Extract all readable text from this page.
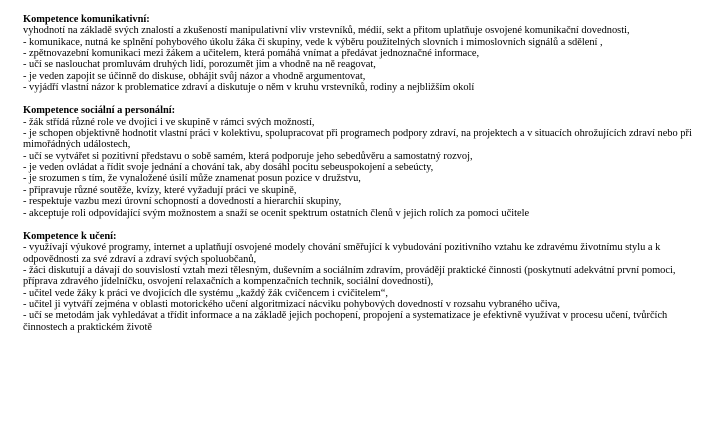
Kompetence komunikativní:

vyhodnotí na základě svých znalostí a zkušeností manipulativní vliv vrstevníků, médií, sekt a přitom uplatňuje osvojené komunikační dovednosti,

- komunikace, nutná ke splnění pohybového úkolu žáka či skupiny, vede k výběru použitelných slovních i mimoslovních signálů a sdělení ,

- zpětnovazební komunikaci mezi žákem a učitelem, která pomáhá vnímat a předávat jednoznačné informace,

- učí se naslouchat promluvám druhých lidí, porozumět jim a vhodně na ně reagovat,

- je veden zapojit se účinně do diskuse, obhájit svůj názor a vhodně argumentovat,

- vyjádří vlastní názor k problematice zdraví a diskutuje o něm v kruhu vrstevníků, rodiny a nejbližším okolí

Kompetence sociální a personální:

- žák střídá různé role ve dvojici i ve skupině v rámci svých možností,

- je schopen objektivně hodnotit vlastní práci v kolektivu, spolupracovat při programech podpory zdraví, na projektech a v situacích ohrožujících zdraví nebo při mimořádných událostech,

- učí se vytvářet si pozitivní představu o sobě samém, která podporuje jeho sebedůvěru a samostatný rozvoj,

- je veden ovládat a řídit svoje jednání a chování tak, aby dosáhl pocitu sebeuspokojení a sebeúcty,

- je srozumen s tím, že vynaložené úsilí může znamenat posun pozice v družstvu,

- připravuje různé soutěže, kvízy, které vyžadují práci ve skupině,

- respektuje vazbu mezi úrovní schopností a dovedností a hierarchií skupiny,

- akceptuje roli odpovídající svým možnostem a snaží se ocenit spektrum ostatních členů v jejich rolích za pomoci učitele

Kompetence k učení:

- využívají výukové programy, internet a uplatňují osvojené modely chování směřující k vybudování pozitivního vztahu ke zdravému životnímu stylu a k odpovědnosti za své zdraví a zdraví svých spoluobčanů,

- žáci diskutují a dávají do souvislostí vztah mezi tělesným, duševním a sociálním zdravím, provádějí praktické činnosti (poskytnutí adekvátní první pomoci, příprava zdravého jídelníčku, osvojení relaxačních a kompenzačních technik, sociální dovednosti),

- učitel vede žáky k práci ve dvojicích dle systému „každý žák cvičencem i cvičitelem“,

- učitel ji vytváří zejména v oblasti motorického učení algoritmizací nácviku pohybových dovedností v rozsahu vybraného učiva,

- učí se metodám jak vyhledávat a třídit informace a na základě jejich pochopení, propojení a systematizace je efektivně využívat v procesu učení, tvůrčích činnostech a praktickém životě
